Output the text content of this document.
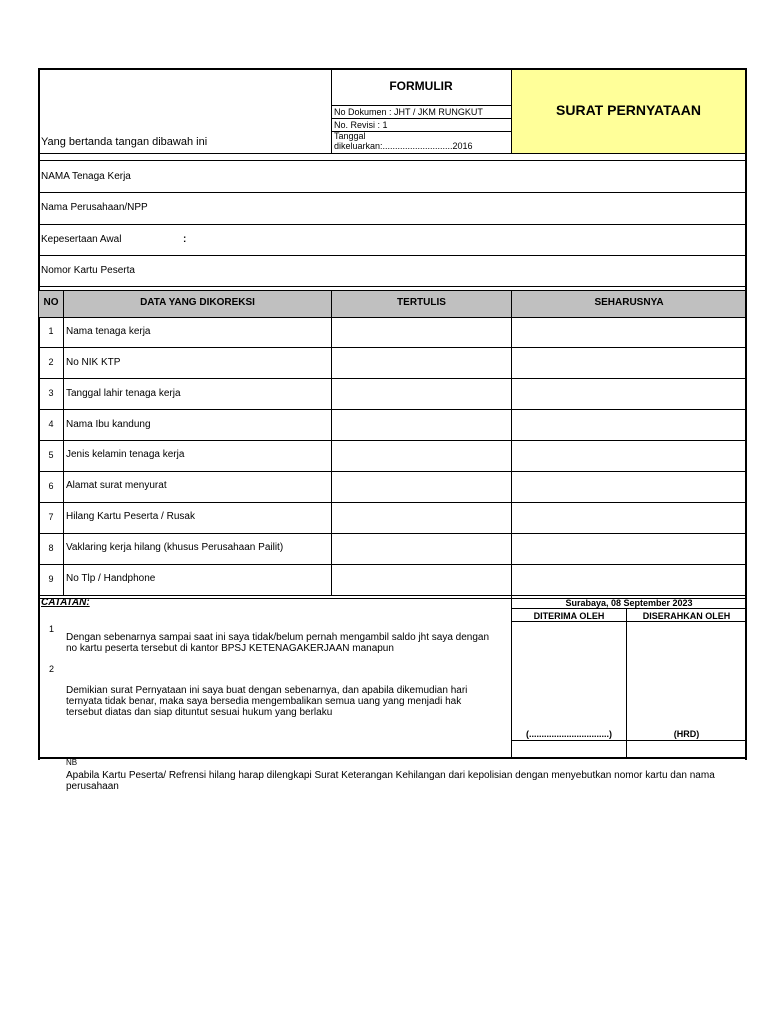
FORMULIR
No Dokumen : JHT / JKM RUNGKUT
No. Revisi : 1
Tanggal
dikeluarkan:............................2016
SURAT PERNYATAAN
Yang bertanda tangan dibawah ini
NAMA Tenaga Kerja
Nama Perusahaan/NPP
Kepesertaan Awal	:
Nomor Kartu Peserta
NO	DATA YANG DIKOREKSI	TERTULIS	SEHARUSNYA
1	Nama tenaga kerja
2	No NIK KTP
3	Tanggal lahir tenaga kerja
4	Nama Ibu kandung
5	Jenis kelamin tenaga kerja
6	Alamat surat menyurat
7	Hilang Kartu Peserta / Rusak
8	Vaklaring kerja hilang (khusus Perusahaan Pailit)
9	No Tlp / Handphone
CATATAN:
1
Dengan sebenarnya sampai saat ini saya tidak/belum pernah mengambil saldo jht saya dengan
no kartu peserta tersebut di kantor BPSJ KETENAGAKERJAAN manapun
2
Demikian surat Pernyataan ini saya buat dengan sebenarnya, dan apabila dikemudian hari
ternyata tidak benar, maka saya bersedia mengembalikan semua uang yang menjadi hak
tersebut diatas dan siap dituntut sesuai hukum yang berlaku
Surabaya, 08 September 2023
DITERIMA OLEH	DISERAHKAN OLEH
(................................)	(HRD)
NB
Apabila Kartu Peserta/ Refrensi hilang harap dilengkapi Surat Keterangan Kehilangan dari kepolisian dengan menyebutkan nomor kartu dan nama
perusahaan
